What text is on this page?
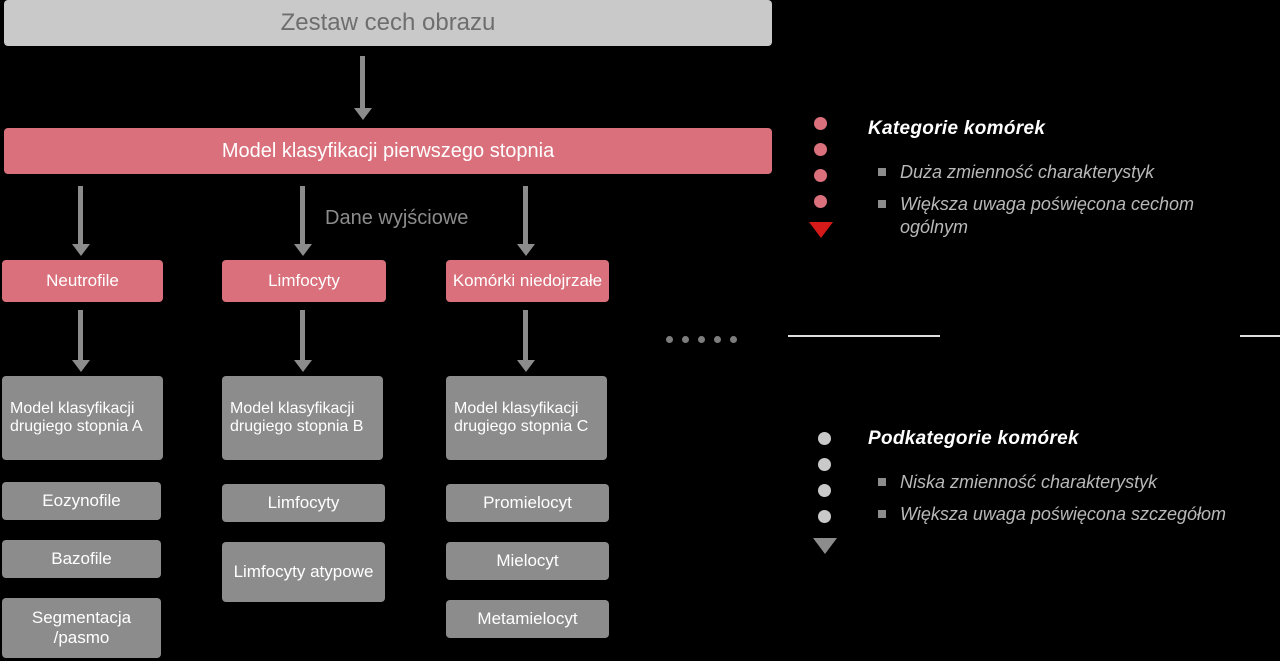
Zestaw cech obrazu
Model klasyfikacji pierwszego stopnia
Dane wyjściowe
Neutrofile	Limfocyty	Komórki niedojrzałe
Model klasyfikacji drugiego stopnia A
Model klasyfikacji drugiego stopnia B
Model klasyfikacji drugiego stopnia C
Eozynofile
Bazofile
Segmentacja /pasmo
Limfocyty
Limfocyty atypowe
Promielocyt
Mielocyt
Metamielocyt
Kategorie komórek
Duża zmienność charakterystyk
Większa uwaga poświęcona cechom ogólnym
Podkategorie komórek
Niska zmienność charakterystyk
Większa uwaga poświęcona szczegółom
